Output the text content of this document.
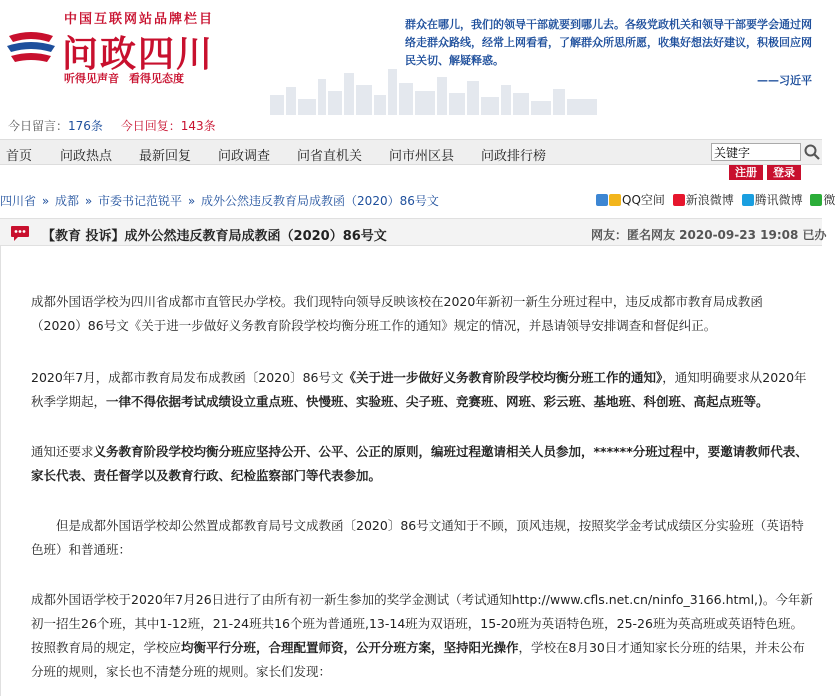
中国互联网站品牌栏目
问政四川
听得见声音 看得见态度
群众在哪儿，我们的领导干部就要到哪儿去。各级党政机关和领导干部要学会通过网络走群众路线，经常上网看看，了解群众所思所愿，收集好想法好建议，积极回应网民关切、解疑释惑。
——习近平
今日留言：176条 今日回复：143条
首页 问政热点 最新回复 问政调查 问省直机关 问市州区县 问政排行榜
关键字
注册	登录
四川省 » 成都 » 市委书记范锐平 » 成外公然违反教育局成教函（2020）86号文	QQ空间 新浪微博 腾讯微博 微
【教育 投诉】成外公然违反教育局成教函（2020）86号文	网友：匿名网友 2020-09-23 19:08 已办

成都外国语学校为四川省成都市直管民办学校。我们现特向领导反映该校在2020年新初一新生分班过程中，违反成都市教育局成教函（2020）86号文《关于进一步做好义务教育阶段学校均衡分班工作的通知》规定的情况，并恳请领导安排调查和督促纠正。

2020年7月，成都市教育局发布成教函〔2020〕86号文《关于进一步做好义务教育阶段学校均衡分班工作的通知》，通知明确要求从2020年秋季学期起，一律不得依据考试成绩设立重点班、快慢班、实验班、尖子班、竞赛班、网班、彩云班、基地班、科创班、高起点班等。

通知还要求义务教育阶段学校均衡分班应坚持公开、公平、公正的原则，编班过程邀请相关人员参加，******分班过程中，要邀请教师代表、家长代表、责任督学以及教育行政、纪检监察部门等代表参加。

但是成都外国语学校却公然置成都教育局号文成教函〔2020〕86号文通知于不顾，顶风违规，按照奖学金考试成绩区分实验班（英语特色班）和普通班：

成都外国语学校于2020年7月26日进行了由所有初一新生参加的奖学金测试（考试通知http://www.cfls.net.cn/ninfo_3166.html,)。今年新初一招生26个班，其中1-12班，21-24班共16个班为普通班,13-14班为双语班，15-20班为英语特色班，25-26班为英高班或英语特色班。按照教育局的规定，学校应均衡平行分班，合理配置师资，公开分班方案，坚持阳光操作，学校在8月30日才通知家长分班的结果，并未公布分班的规则，家长也不清楚分班的规则。家长们发现：
